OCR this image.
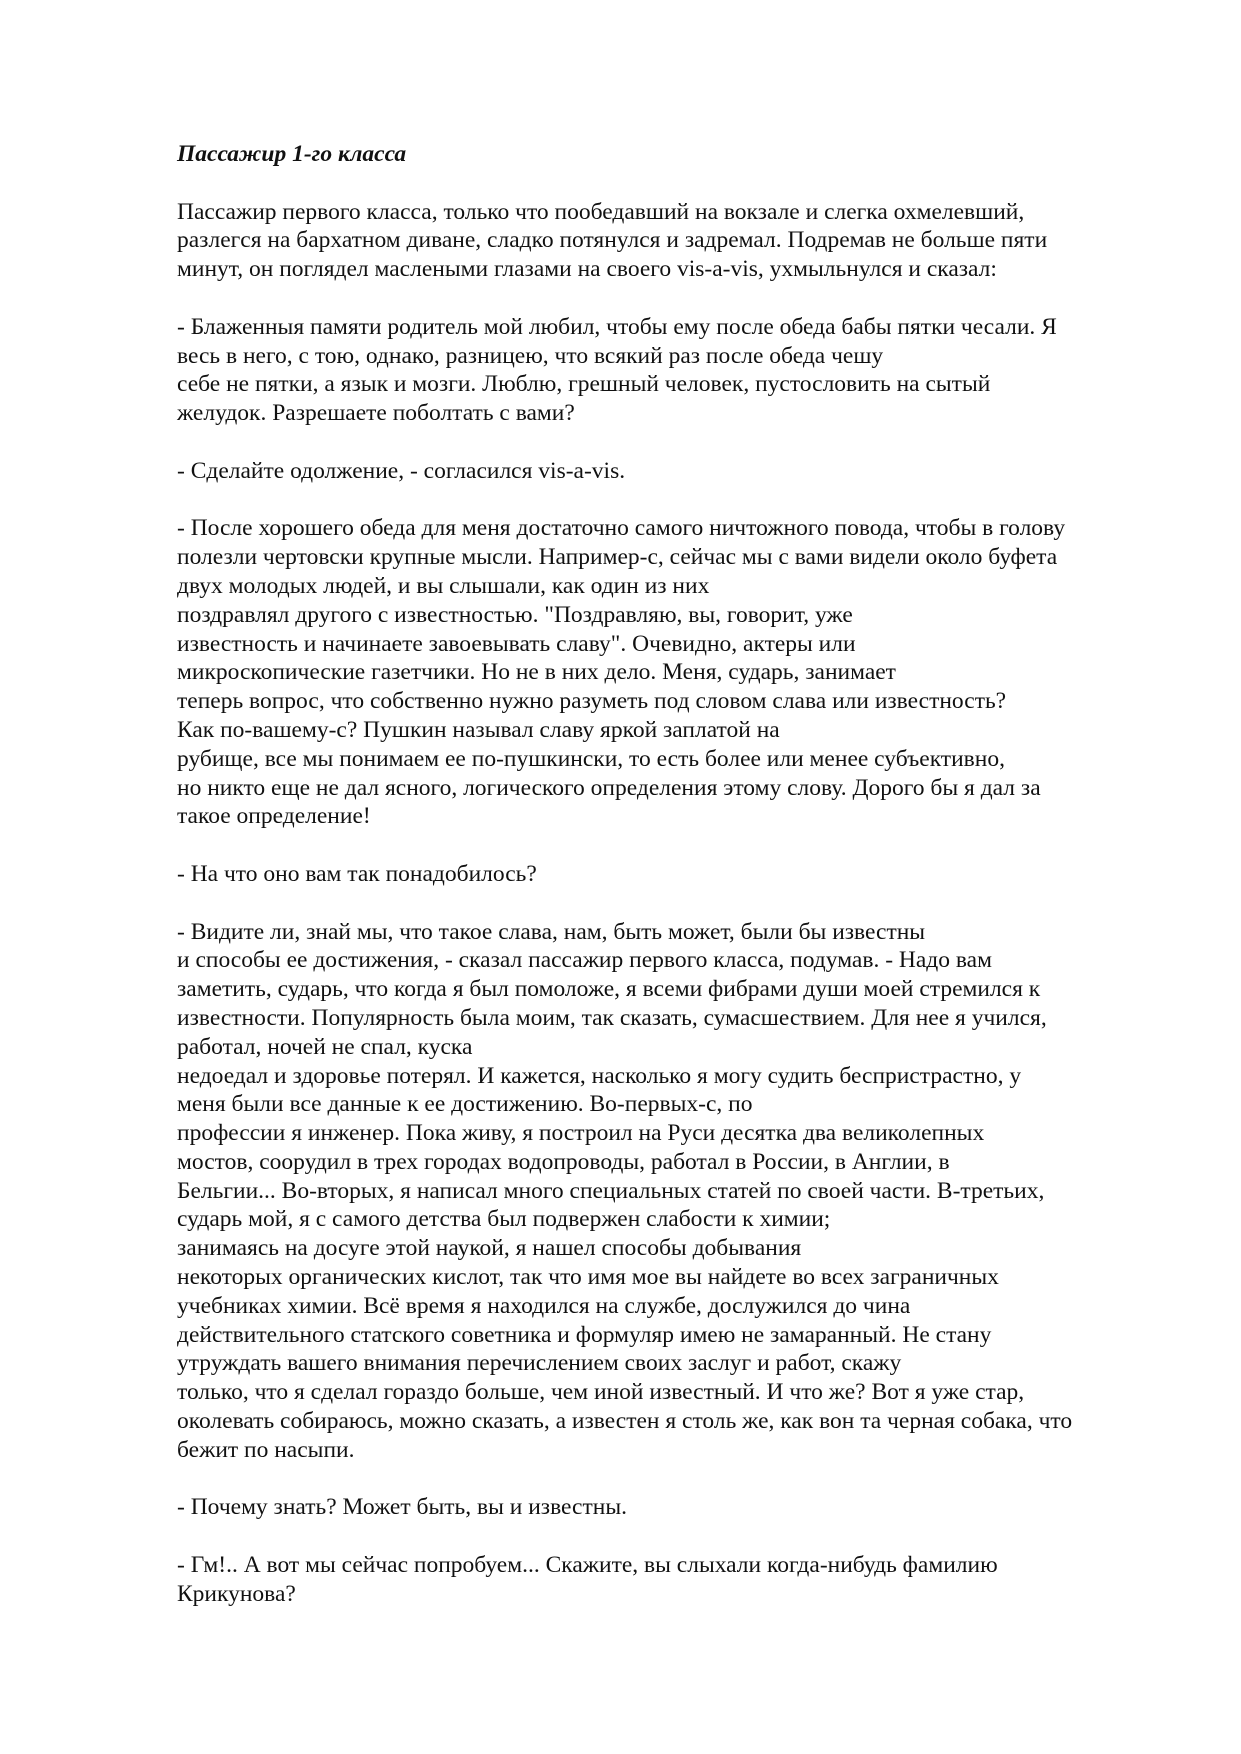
Пассажир 1-го класса
Пассажир первого класса, только что пообедавший на вокзале и слегка охмелевший,
разлегся на бархатном диване, сладко потянулся и задремал. Подремав не больше пяти
минут, он поглядел маслеными глазами на своего vis-a-vis, ухмыльнулся и сказал:
- Блаженныя памяти родитель мой любил, чтобы ему после обеда бабы пятки чесали. Я
весь в него, с тою, однако, разницею, что всякий раз после обеда чешу
себе не пятки, а язык и мозги. Люблю, грешный человек, пустословить на сытый
желудок. Разрешаете поболтать с вами?
- Сделайте одолжение, - согласился vis-a-vis.
- После хорошего обеда для меня достаточно самого ничтожного повода, чтобы в голову
полезли чертовски крупные мысли. Например-с, сейчас мы с вами видели около буфета
двух молодых людей, и вы слышали, как один из них
поздравлял другого с известностью. "Поздравляю, вы, говорит, уже
известность и начинаете завоевывать славу". Очевидно, актеры или
микроскопические газетчики. Но не в них дело. Меня, сударь, занимает
теперь вопрос, что собственно нужно разуметь под словом слава или известность?
Как по-вашему-с? Пушкин называл славу яркой заплатой на
рубище, все мы понимаем ее по-пушкински, то есть более или менее субъективно,
но никто еще не дал ясного, логического определения этому слову. Дорого бы я дал за
такое определение!
- На что оно вам так понадобилось?
- Видите ли, знай мы, что такое слава, нам, быть может, были бы известны
и способы ее достижения, - сказал пассажир первого класса, подумав. - Надо вам
заметить, сударь, что когда я был помоложе, я всеми фибрами души моей стремился к
известности. Популярность была моим, так сказать, сумасшествием. Для нее я учился,
работал, ночей не спал, куска
недоедал и здоровье потерял. И кажется, насколько я могу судить беспристрастно, у
меня были все данные к ее достижению. Во-первых-с, по
профессии я инженер. Пока живу, я построил на Руси десятка два великолепных
мостов, соорудил в трех городах водопроводы, работал в России, в Англии, в
Бельгии... Во-вторых, я написал много специальных статей по своей части. В-третьих,
сударь мой, я с самого детства был подвержен слабости к химии;
занимаясь на досуге этой наукой, я нашел способы добывания
некоторых органических кислот, так что имя мое вы найдете во всех заграничных
учебниках химии. Всё время я находился на службе, дослужился до чина
действительного статского советника и формуляр имею не замаранный. Не стану
утруждать вашего внимания перечислением своих заслуг и работ, скажу
только, что я сделал гораздо больше, чем иной известный. И что же? Вот я уже стар,
околевать собираюсь, можно сказать, а известен я столь же, как вон та черная собака, что
бежит по насыпи.
- Почему знать? Может быть, вы и известны.
- Гм!.. А вот мы сейчас попробуем... Скажите, вы слыхали когда-нибудь фамилию
Крикунова?
